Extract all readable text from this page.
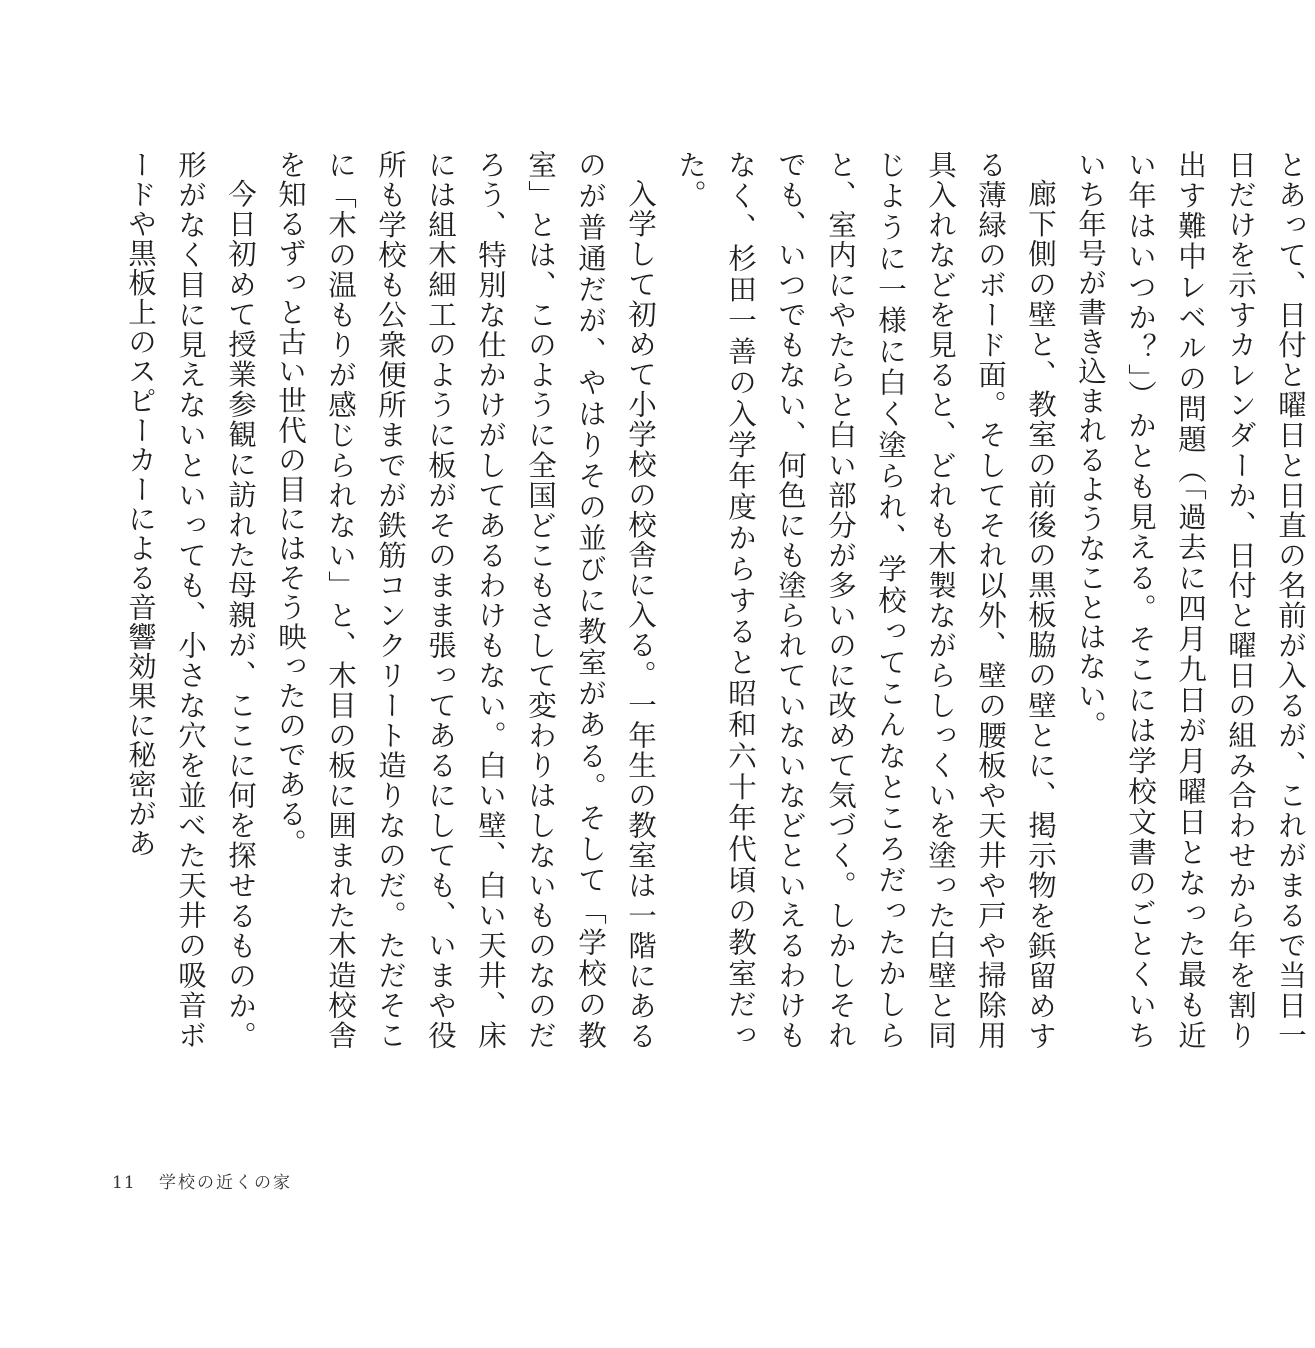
とあって、日付と曜日と日直の名前が入るが、これがまるで当日一日だけを示すカレンダーか、日付と曜日の組み合わせから年を割り出す難中レベルの問題（「過去に四月九日が月曜日となった最も近い年はいつか？」）かとも見える。そこには学校文書のごとくいちいち年号が書き込まれるようなことはない。

廊下側の壁と、教室の前後の黒板脇の壁とに、掲示物を鋲留めする薄緑のボード面。そしてそれ以外、壁の腰板や天井や戸や掃除用具入れなどを見ると、どれも木製ながらしっくいを塗った白壁と同じように一様に白く塗られ、学校ってこんなところだったかしらと、室内にやたらと白い部分が多いのに改めて気づく。しかしそれでも、いつでもない、何色にも塗られていないなどといえるわけもなく、杉田一善の入学年度からすると昭和六十年代頃の教室だった。

入学して初めて小学校の校舎に入る。一年生の教室は一階にあるのが普通だが、やはりその並びに教室がある。そして「学校の教室」とは、このように全国どこもさして変わりはしないものなのだろう、特別な仕かけがしてあるわけもない。白い壁、白い天井、床には組木細工のように板がそのまま張ってあるにしても、いまや役所も学校も公衆便所までが鉄筋コンクリート造りなのだ。ただそこに「木の温もりが感じられない」と、木目の板に囲まれた木造校舎を知るずっと古い世代の目にはそう映ったのである。

今日初めて授業参観に訪れた母親が、ここに何を探せるものか。形がなく目に見えないといっても、小さな穴を並べた天井の吸音ボードや黒板上のスピーカーによる音響効果に秘密があ

11 学校の近くの家
